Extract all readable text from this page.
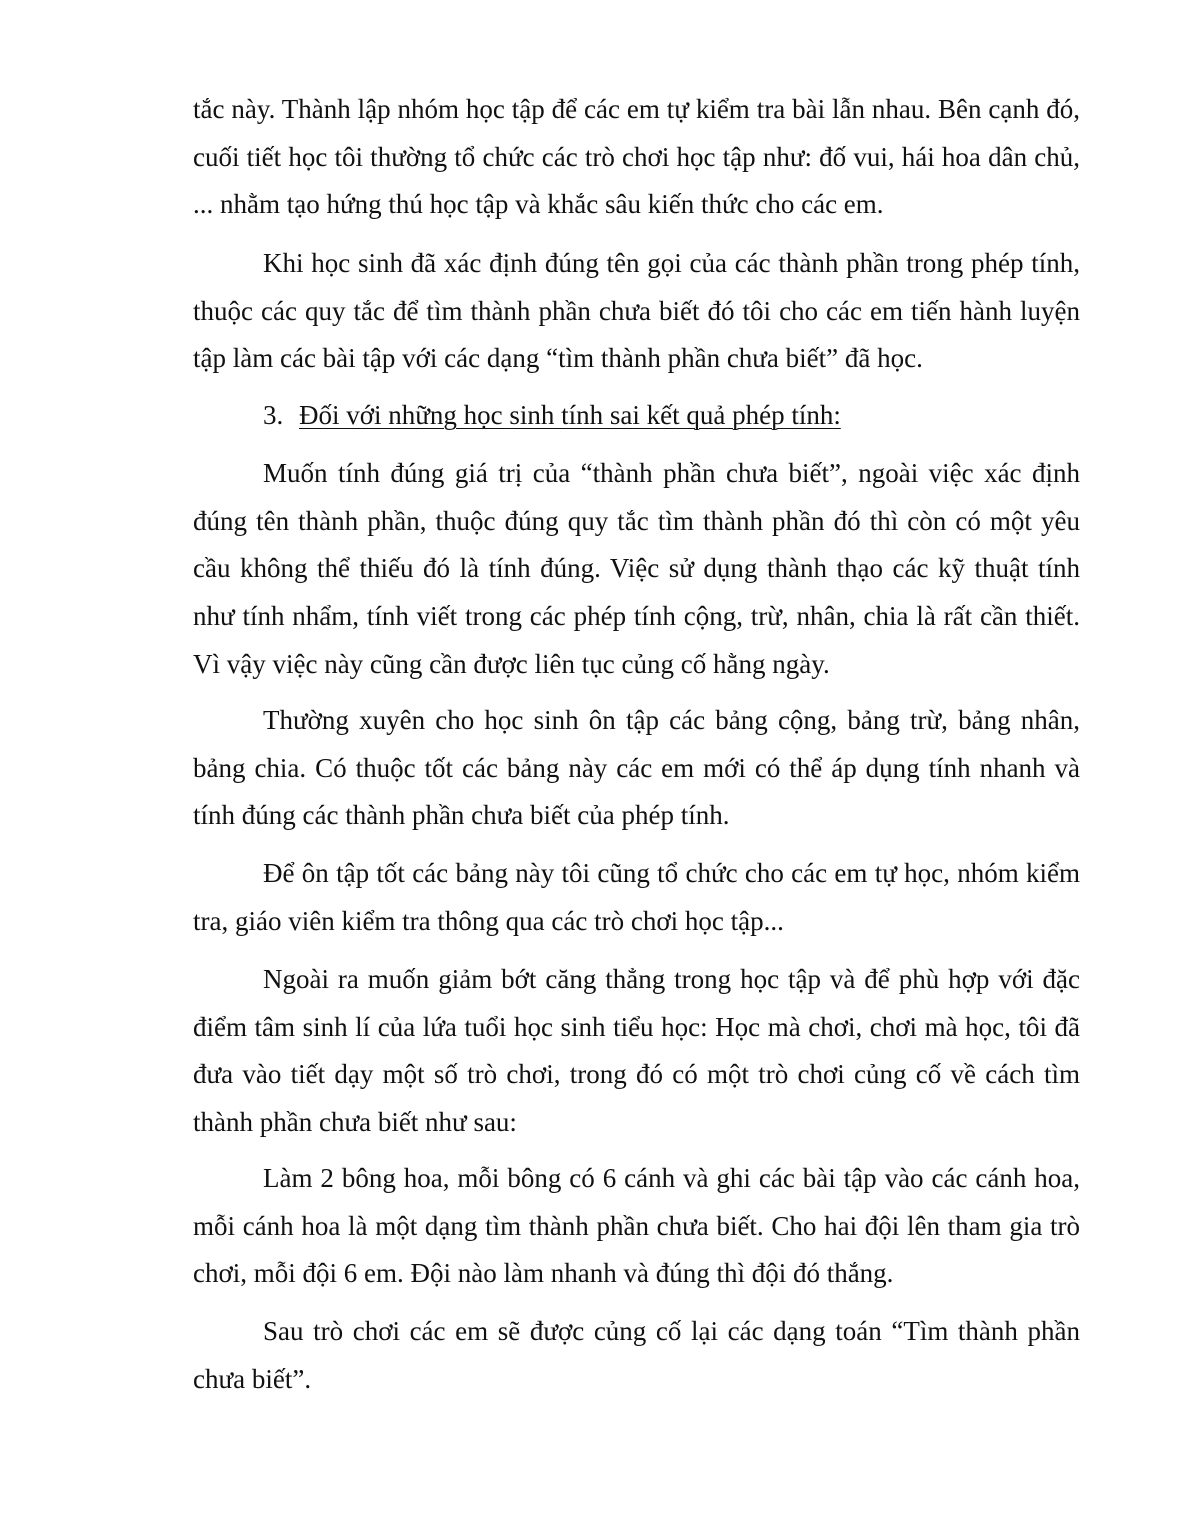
tắc này. Thành lập nhóm học tập để các em tự kiểm tra bài lẫn nhau. Bên cạnh đó, cuối tiết học tôi thường tổ chức các trò chơi học tập như: đố vui, hái hoa dân chủ, ... nhằm tạo hứng thú học tập và khắc sâu kiến thức cho các em.

Khi học sinh đã xác định đúng tên gọi của các thành phần trong phép tính, thuộc các quy tắc để tìm thành phần chưa biết đó tôi cho các em tiến hành luyện tập làm các bài tập với các dạng “tìm thành phần chưa biết” đã học.

3. Đối với những học sinh tính sai kết quả phép tính:

Muốn tính đúng giá trị của “thành phần chưa biết”, ngoài việc xác định đúng tên thành phần, thuộc đúng quy tắc tìm thành phần đó thì còn có một yêu cầu không thể thiếu đó là tính đúng. Việc sử dụng thành thạo các kỹ thuật tính như tính nhẩm, tính viết trong các phép tính cộng, trừ, nhân, chia là rất cần thiết. Vì vậy việc này cũng cần được liên tục củng cố hằng ngày.

Thường xuyên cho học sinh ôn tập các bảng cộng, bảng trừ, bảng nhân, bảng chia. Có thuộc tốt các bảng này các em mới có thể áp dụng tính nhanh và tính đúng các thành phần chưa biết của phép tính.

Để ôn tập tốt các bảng này tôi cũng tổ chức cho các em tự học, nhóm kiểm tra, giáo viên kiểm tra thông qua các trò chơi học tập...

Ngoài ra muốn giảm bớt căng thẳng trong học tập và để phù hợp với đặc điểm tâm sinh lí của lứa tuổi học sinh tiểu học: Học mà chơi, chơi mà học, tôi đã đưa vào tiết dạy một số trò chơi, trong đó có một trò chơi củng cố về cách tìm thành phần chưa biết như sau:

Làm 2 bông hoa, mỗi bông có 6 cánh và ghi các bài tập vào các cánh hoa, mỗi cánh hoa là một dạng tìm thành phần chưa biết. Cho hai đội lên tham gia trò chơi, mỗi đội 6 em. Đội nào làm nhanh và đúng thì đội đó thắng.

Sau trò chơi các em sẽ được củng cố lại các dạng toán “Tìm thành phần chưa biết”.
